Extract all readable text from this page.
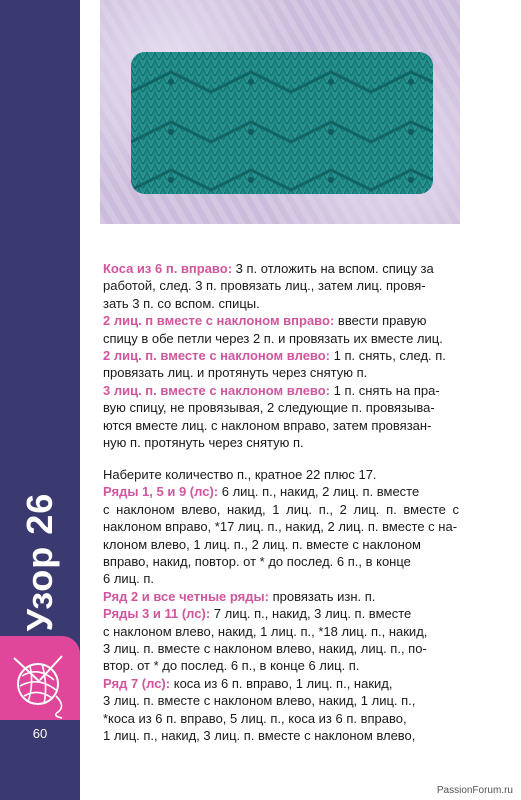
Узор 26
60
Коса из 6 п. вправо: 3 п. отложить на вспом. спицу за
работой, след. 3 п. провязать лиц., затем лиц. провя-
зать 3 п. со вспом. спицы.
2 лиц. п вместе с наклоном вправо: ввести правую
спицу в обе петли через 2 п. и провязать их вместе лиц.
2 лиц. п. вместе с наклоном влево: 1 п. снять, след. п.
провязать лиц. и протянуть через снятую п.
3 лиц. п. вместе с наклоном влево: 1 п. снять на пра-
вую спицу, не провязывая, 2 следующие п. провязыва-
ются вместе лиц. с наклоном вправо, затем провязан-
ную п. протянуть через снятую п.
Наберите количество п., кратное 22 плюс 17.
Ряды 1, 5 и 9 (лс): 6 лиц. п., накид, 2 лиц. п. вместе
с наклоном влево, накид, 1 лиц. п., 2 лиц. п. вместе с наклоном вправо, *17 лиц. п., накид, 2 лиц. п. вместе с на-
клоном влево, 1 лиц. п., 2 лиц. п. вместе с наклоном
вправо, накид, повтор. от * до послед. 6 п., в конце
6 лиц. п.
Ряд 2 и все четные ряды: провязать изн. п.
Ряды 3 и 11 (лс): 7 лиц. п., накид, 3 лиц. п. вместе
с наклоном влево, накид, 1 лиц. п., *18 лиц. п., накид,
3 лиц. п. вместе с наклоном влево, накид, лиц. п., по-
втор. от * до послед. 6 п., в конце 6 лиц. п.
Ряд 7 (лс): коса из 6 п. вправо, 1 лиц. п., накид,
3 лиц. п. вместе с наклоном влево, накид, 1 лиц. п.,
*коса из 6 п. вправо, 5 лиц. п., коса из 6 п. вправо,
1 лиц. п., накид, 3 лиц. п. вместе с наклоном влево,
PassionForum.ru
